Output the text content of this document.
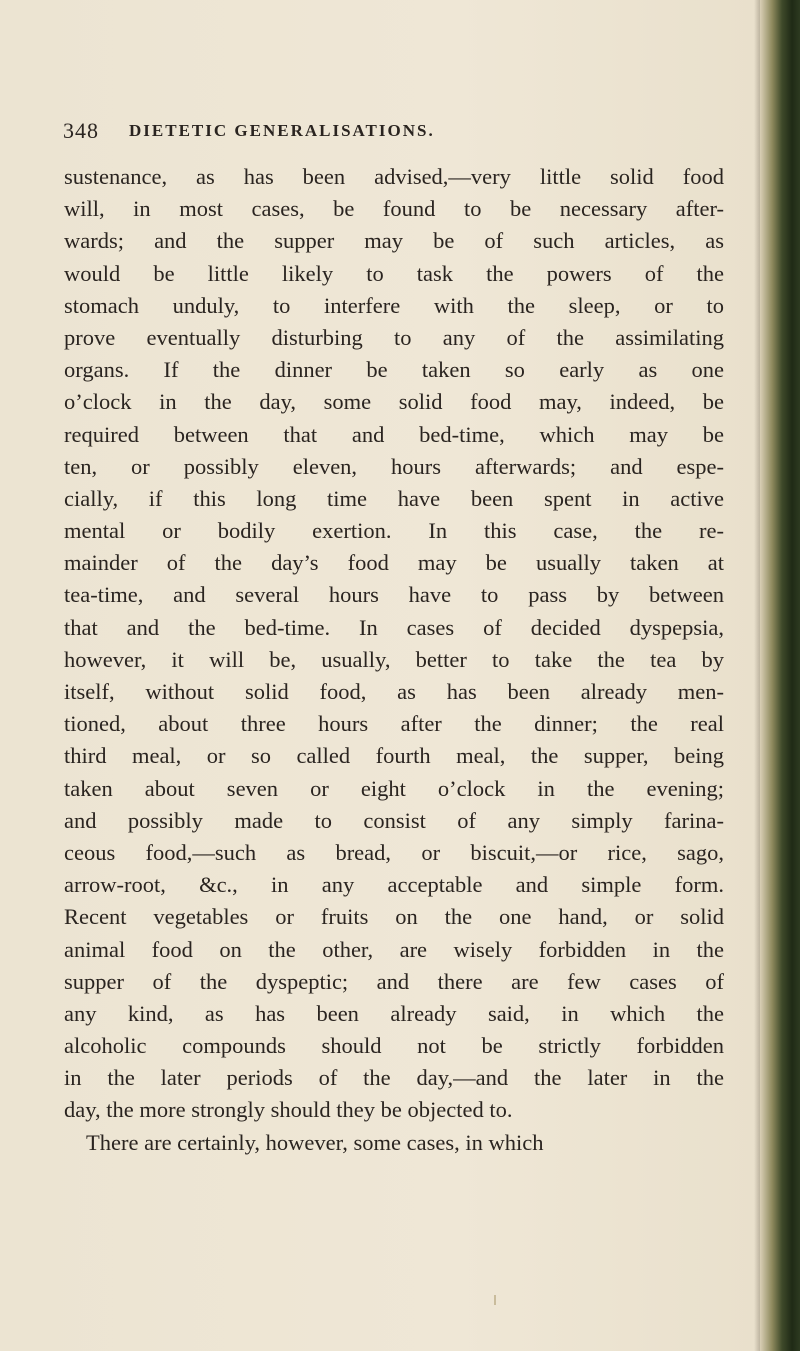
348 DIETETIC GENERALISATIONS.
sustenance, as has been advised,—very little solid food
will, in most cases, be found to be necessary after-
wards; and the supper may be of such articles, as
would be little likely to task the powers of the
stomach unduly, to interfere with the sleep, or to
prove eventually disturbing to any of the assimilating
organs. If the dinner be taken so early as one
o’clock in the day, some solid food may, indeed, be
required between that and bed-time, which may be
ten, or possibly eleven, hours afterwards; and espe-
cially, if this long time have been spent in active
mental or bodily exertion. In this case, the re-
mainder of the day’s food may be usually taken at
tea-time, and several hours have to pass by between
that and the bed-time. In cases of decided dyspepsia,
however, it will be, usually, better to take the tea by
itself, without solid food, as has been already men-
tioned, about three hours after the dinner; the real
third meal, or so called fourth meal, the supper, being
taken about seven or eight o’clock in the evening;
and possibly made to consist of any simply farina-
ceous food,—such as bread, or biscuit,—or rice, sago,
arrow-root, &c., in any acceptable and simple form.
Recent vegetables or fruits on the one hand, or solid
animal food on the other, are wisely forbidden in the
supper of the dyspeptic; and there are few cases of
any kind, as has been already said, in which the
alcoholic compounds should not be strictly forbidden
in the later periods of the day,—and the later in the
day, the more strongly should they be objected to.
There are certainly, however, some cases, in which
